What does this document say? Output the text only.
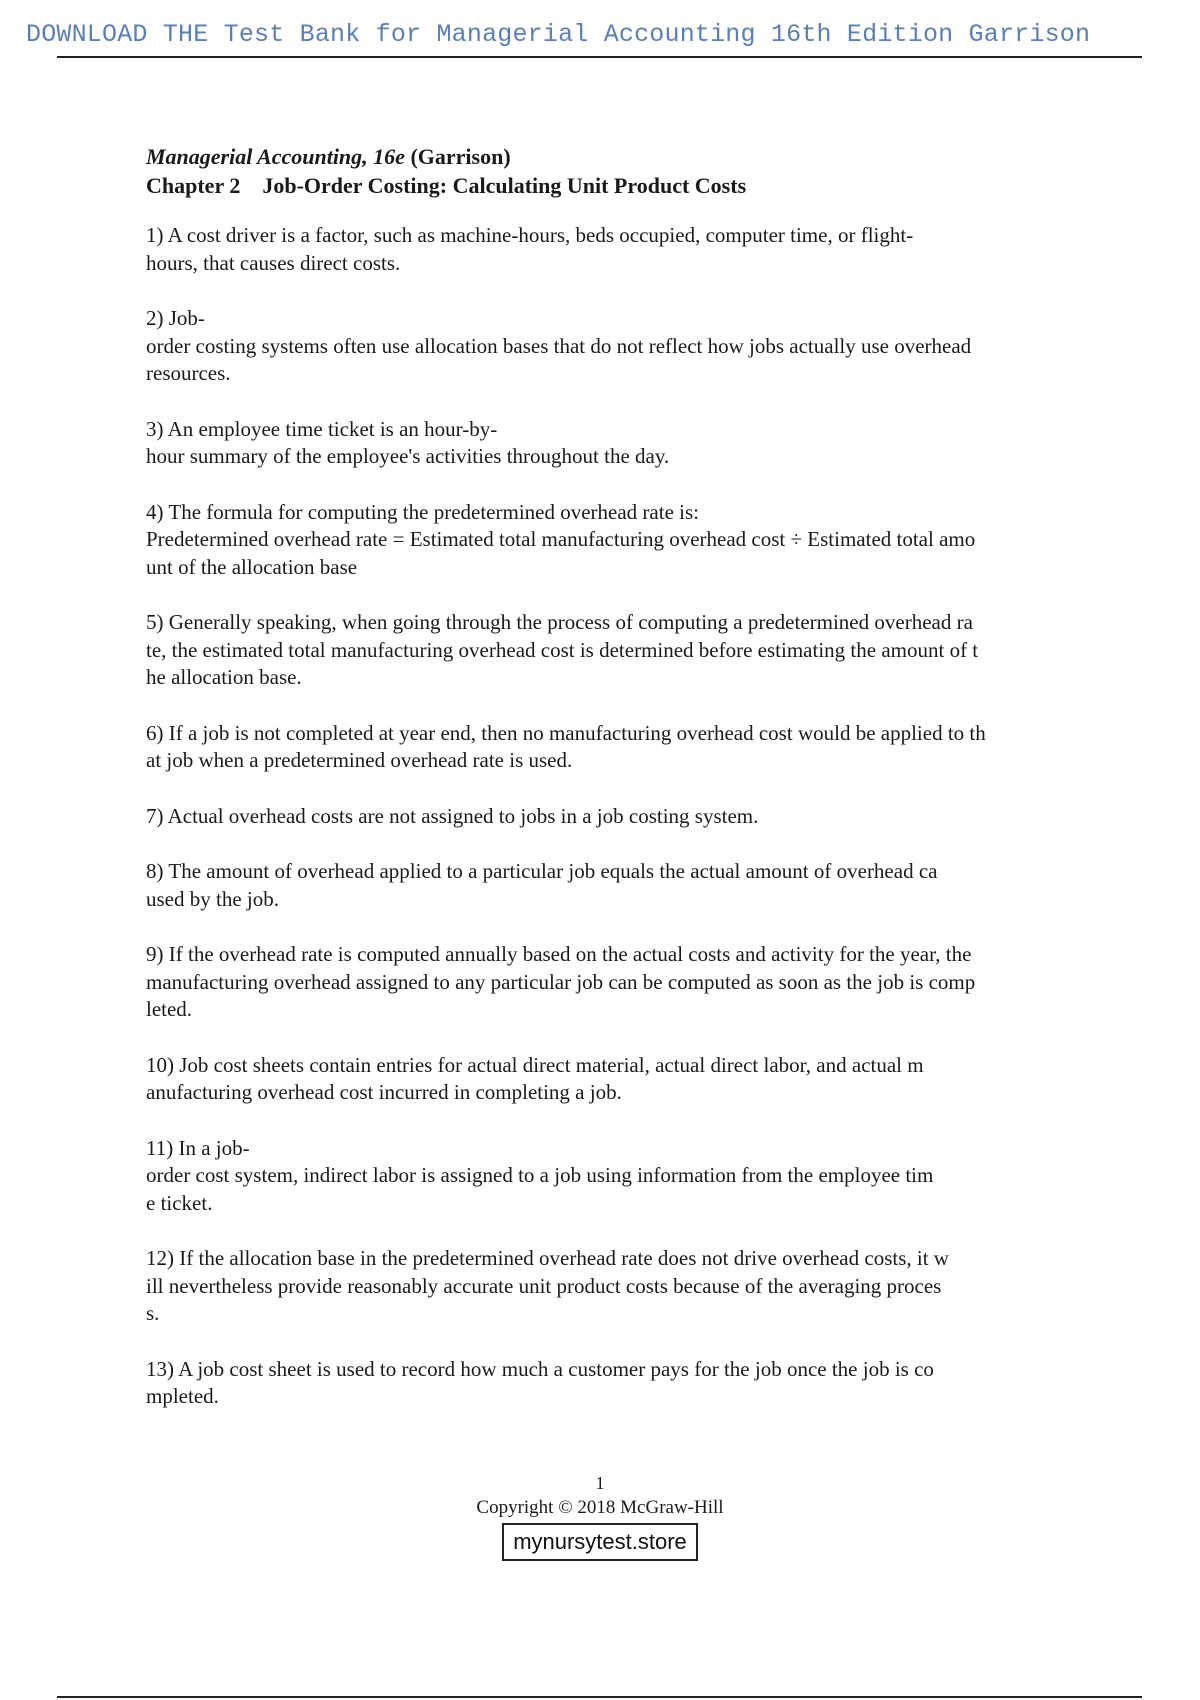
DOWNLOAD THE Test Bank for Managerial Accounting 16th Edition Garrison
Managerial Accounting, 16e (Garrison)
Chapter 2 Job-Order Costing: Calculating Unit Product Costs
1) A cost driver is a factor, such as machine-hours, beds occupied, computer time, or flight-
hours, that causes direct costs.
2) Job-
order costing systems often use allocation bases that do not reflect how jobs actually use overhead
resources.
3) An employee time ticket is an hour-by-
hour summary of the employee's activities throughout the day.
4) The formula for computing the predetermined overhead rate is:
Predetermined overhead rate = Estimated total manufacturing overhead cost ÷ Estimated total amo
unt of the allocation base
5) Generally speaking, when going through the process of computing a predetermined overhead ra
te, the estimated total manufacturing overhead cost is determined before estimating the amount of t
he allocation base.
6) If a job is not completed at year end, then no manufacturing overhead cost would be applied to th
at job when a predetermined overhead rate is used.
7) Actual overhead costs are not assigned to jobs in a job costing system.
8) The amount of overhead applied to a particular job equals the actual amount of overhead ca
used by the job.
9) If the overhead rate is computed annually based on the actual costs and activity for the year, the
manufacturing overhead assigned to any particular job can be computed as soon as the job is comp
leted.
10) Job cost sheets contain entries for actual direct material, actual direct labor, and actual m
anufacturing overhead cost incurred in completing a job.
11) In a job-
order cost system, indirect labor is assigned to a job using information from the employee tim
e ticket.
12) If the allocation base in the predetermined overhead rate does not drive overhead costs, it w
ill nevertheless provide reasonably accurate unit product costs because of the averaging proces
s.
13) A job cost sheet is used to record how much a customer pays for the job once the job is co
mpleted.
1
Copyright © 2018 McGraw-Hill
mynursytest.store
